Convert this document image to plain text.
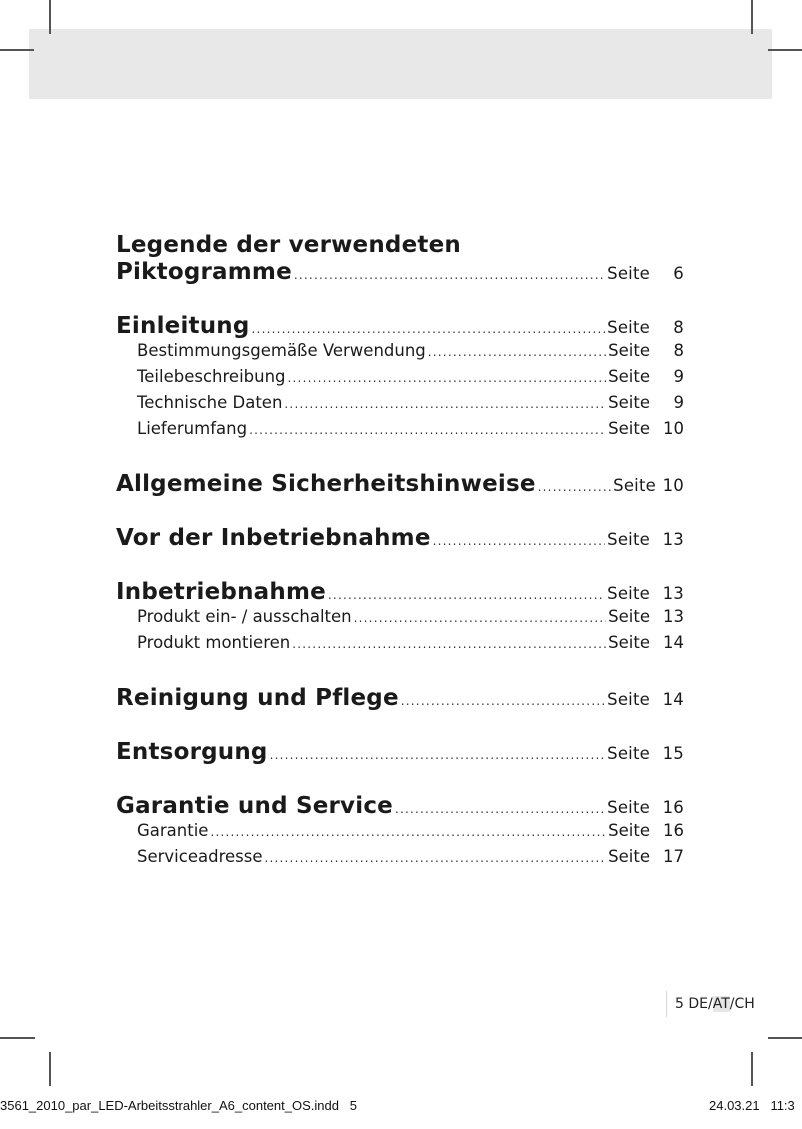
Legende der verwendeten
Piktogramme .....	Seite	6
Einleitung .....	Seite	8
Bestimmungsgemäße Verwendung .....	Seite	8
Teilebeschreibung .....	Seite	9
Technische Daten .....	Seite	9
Lieferumfang .....	Seite 10
Allgemeine Sicherheitshinweise .....	Seite 10
Vor der Inbetriebnahme .....	Seite 13
Inbetriebnahme .....	Seite 13
Produkt ein- / ausschalten .....	Seite 13
Produkt montieren .....	Seite 14
Reinigung und Pflege .....	Seite 14
Entsorgung .....	Seite 15
Garantie und Service .....	Seite 16
Garantie .....	Seite 16
Serviceadresse .....	Seite 17
5 DE/AT/CH
3561_2010_par_LED-Arbeitsstrahler_A6_content_OS.indd   5	24.03.21   11:3
